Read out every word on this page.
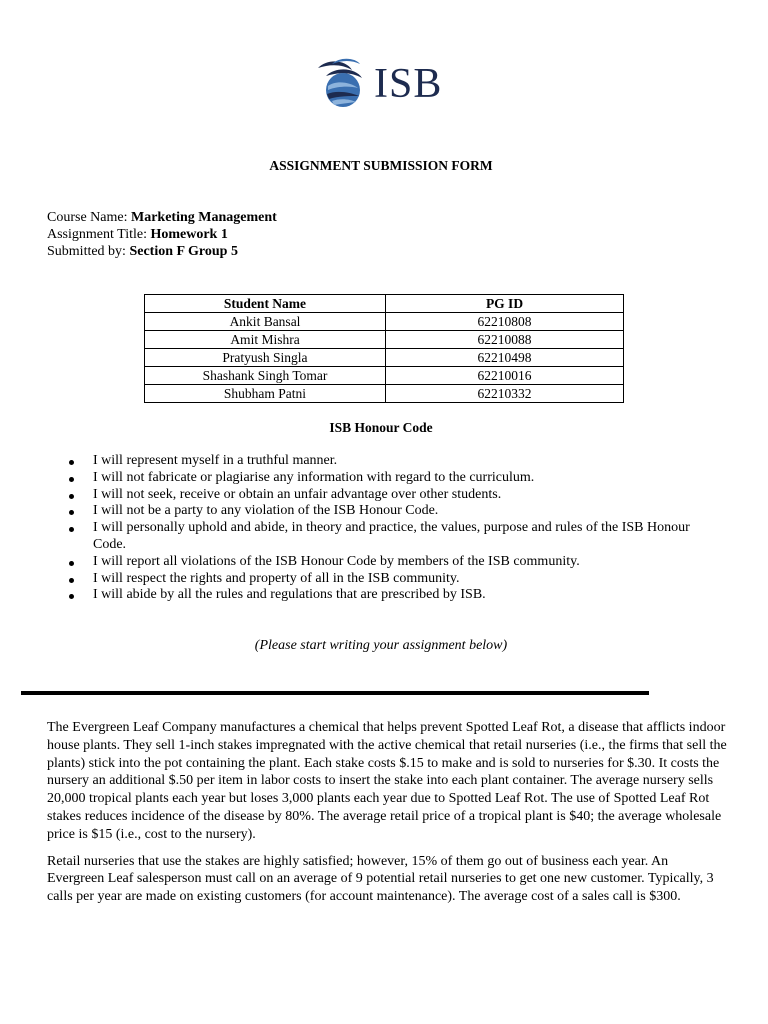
ISB
ASSIGNMENT SUBMISSION FORM
Course Name: Marketing Management
Assignment Title: Homework 1
Submitted by: Section F Group 5
Student Name	PG ID
Ankit Bansal	62210808
Amit Mishra	62210088
Pratyush Singla	62210498
Shashank Singh Tomar	62210016
Shubham Patni	62210332
ISB Honour Code
I will represent myself in a truthful manner.
I will not fabricate or plagiarise any information with regard to the curriculum.
I will not seek, receive or obtain an unfair advantage over other students.
I will not be a party to any violation of the ISB Honour Code.
I will personally uphold and abide, in theory and practice, the values, purpose and rules of the ISB Honour Code.
I will report all violations of the ISB Honour Code by members of the ISB community.
I will respect the rights and property of all in the ISB community.
I will abide by all the rules and regulations that are prescribed by ISB.
(Please start writing your assignment below)

The Evergreen Leaf Company manufactures a chemical that helps prevent Spotted Leaf Rot, a disease that afflicts indoor house plants. They sell 1-inch stakes impregnated with the active chemical that retail nurseries (i.e., the firms that sell the plants) stick into the pot containing the plant. Each stake costs $.15 to make and is sold to nurseries for $.30. It costs the nursery an additional $.50 per item in labor costs to insert the stake into each plant container. The average nursery sells 20,000 tropical plants each year but loses 3,000 plants each year due to Spotted Leaf Rot. The use of Spotted Leaf Rot stakes reduces incidence of the disease by 80%. The average retail price of a tropical plant is $40; the average wholesale price is $15 (i.e., cost to the nursery).

Retail nurseries that use the stakes are highly satisfied; however, 15% of them go out of business each year. An Evergreen Leaf salesperson must call on an average of 9 potential retail nurseries to get one new customer. Typically, 3 calls per year are made on existing customers (for account maintenance). The average cost of a sales call is $300.
